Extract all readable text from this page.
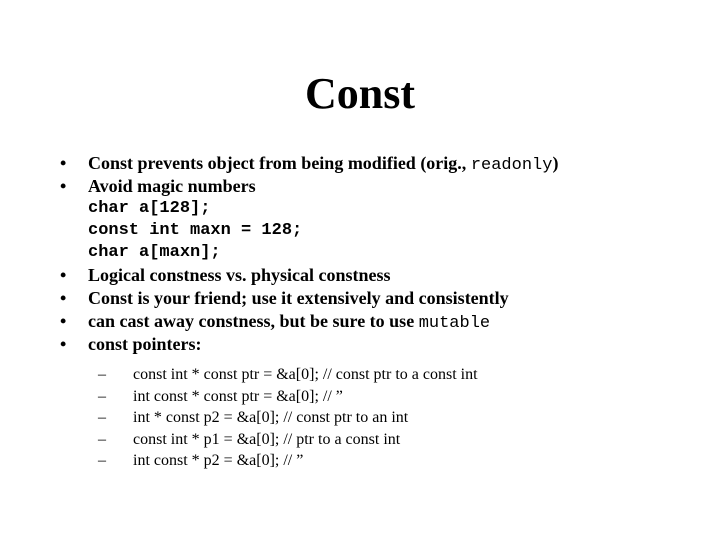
Const
•	Const prevents object from being modified (orig., readonly)
•	Avoid magic numbers
char a[128];
const int maxn = 128;
char a[maxn];
•	Logical constness vs. physical constness
•	Const is your friend; use it extensively and consistently
•	can cast away constness, but be sure to use mutable
•	const pointers:
– const int * const ptr = &a[0]; // const ptr to a const int
– int const * const ptr = &a[0]; // ”
– int * const p2 = &a[0]; // const ptr to an int
– const int * p1 = &a[0]; // ptr to a const int
– int const * p2 = &a[0]; // ”
